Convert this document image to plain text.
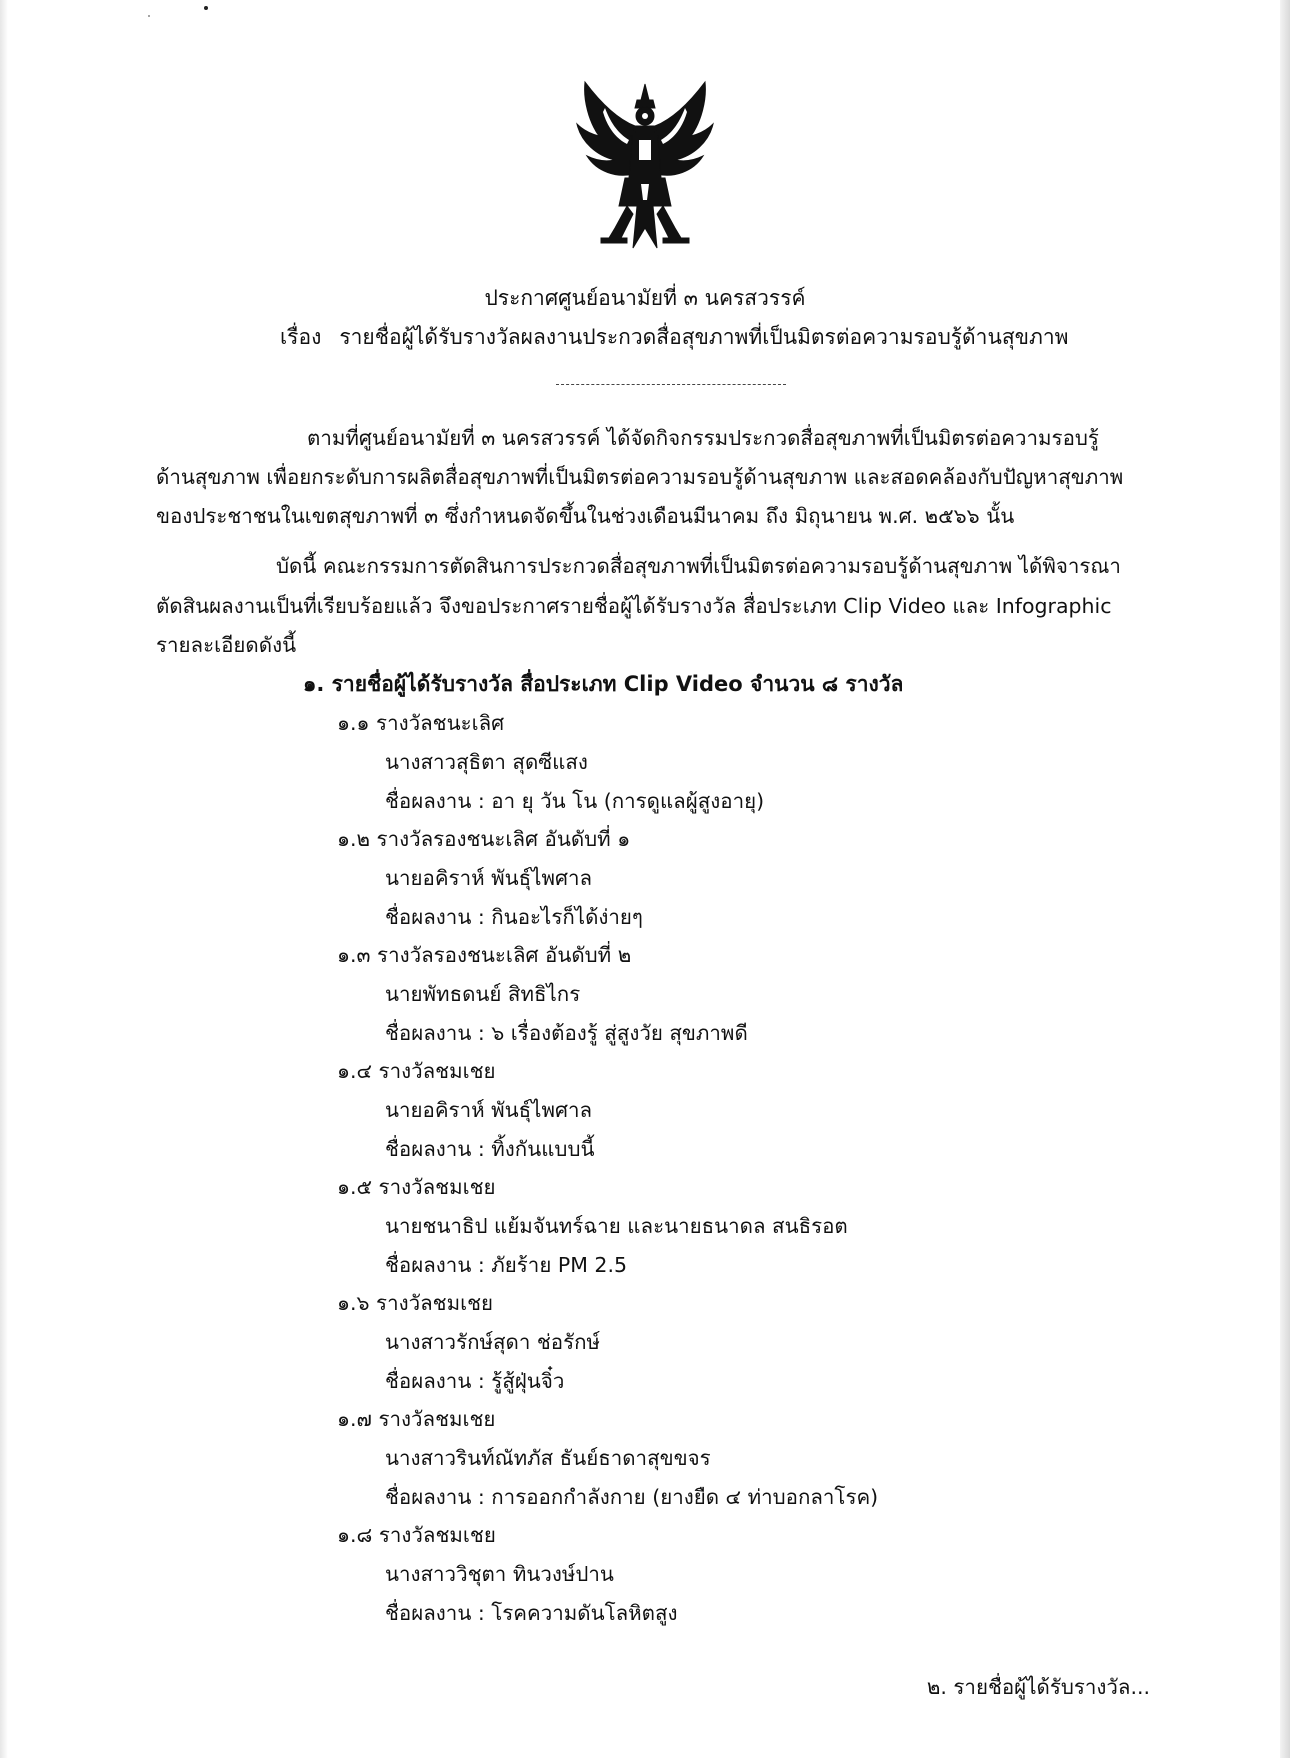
ประกาศศูนย์อนามัยที่ ๓ นครสวรรค์
เรื่อง รายชื่อผู้ได้รับรางวัลผลงานประกวดสื่อสุขภาพที่เป็นมิตรต่อความรอบรู้ด้านสุขภาพ
ตามที่ศูนย์อนามัยที่ ๓ นครสวรรค์ ได้จัดกิจกรรมประกวดสื่อสุขภาพที่เป็นมิตรต่อความรอบรู้
ด้านสุขภาพ เพื่อยกระดับการผลิตสื่อสุขภาพที่เป็นมิตรต่อความรอบรู้ด้านสุขภาพ และสอดคล้องกับปัญหาสุขภาพ
ของประชาชนในเขตสุขภาพที่ ๓ ซึ่งกำหนดจัดขึ้นในช่วงเดือนมีนาคม ถึง มิถุนายน พ.ศ. ๒๕๖๖ นั้น
บัดนี้ คณะกรรมการตัดสินการประกวดสื่อสุขภาพที่เป็นมิตรต่อความรอบรู้ด้านสุขภาพ ได้พิจารณา
ตัดสินผลงานเป็นที่เรียบร้อยแล้ว จึงขอประกาศรายชื่อผู้ได้รับรางวัล สื่อประเภท Clip Video และ Infographic
รายละเอียดดังนี้
๑. รายชื่อผู้ได้รับรางวัล สื่อประเภท Clip Video จำนวน ๘ รางวัล
๑.๑ รางวัลชนะเลิศ
นางสาวสุธิตา สุดซีแสง
ชื่อผลงาน : อา ยุ วัน โน (การดูแลผู้สูงอายุ)
๑.๒ รางวัลรองชนะเลิศ อันดับที่ ๑
นายอคิราห์ พันธุ์ไพศาล
ชื่อผลงาน : กินอะไรก็ได้ง่ายๆ
๑.๓ รางวัลรองชนะเลิศ อันดับที่ ๒
นายพัทธดนย์ สิทธิไกร
ชื่อผลงาน : ๖ เรื่องต้องรู้ สู่สูงวัย สุขภาพดี
๑.๔ รางวัลชมเชย
นายอคิราห์ พันธุ์ไพศาล
ชื่อผลงาน : ทิ้งกันแบบนี้
๑.๕ รางวัลชมเชย
นายชนาธิป แย้มจันทร์ฉาย และนายธนาดล สนธิรอต
ชื่อผลงาน : ภัยร้าย PM 2.5
๑.๖ รางวัลชมเชย
นางสาวรักษ์สุดา ช่อรักษ์
ชื่อผลงาน : รู้สู้ฝุ่นจิ๋ว
๑.๗ รางวัลชมเชย
นางสาวรินท์ณัทภัส ธันย์ธาดาสุขขจร
ชื่อผลงาน : การออกกำลังกาย (ยางยืด ๔ ท่าบอกลาโรค)
๑.๘ รางวัลชมเชย
นางสาววิชุตา ทินวงษ์ปาน
ชื่อผลงาน : โรคความดันโลหิตสูง
๒. รายชื่อผู้ได้รับรางวัล...
